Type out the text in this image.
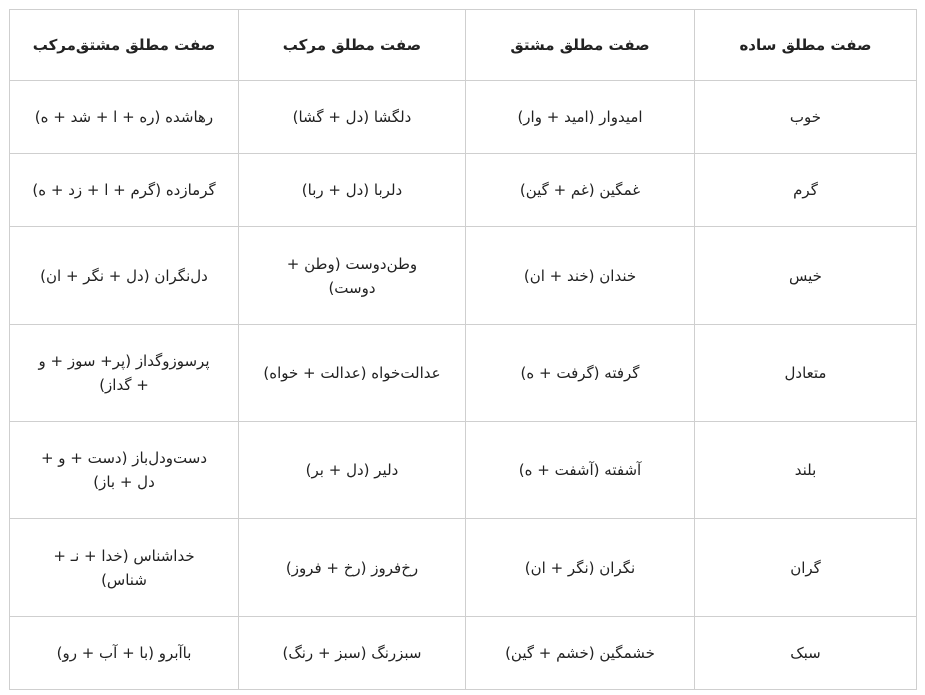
صفت مطلق ساده	صفت مطلق مشتق	صفت مطلق مرکب	صفت مطلق مشتق‌مرکب
خوب	امیدوار (امید + وار)	دلگشا (دل + گشا)	رهاشده (ره + ا + شد + ه)
گرم	غمگین (غم + گین)	دلربا (دل + ربا)	گرمازده (گرم + ا + زد + ه)
خیس	خندان (خند + ان)	وطن‌دوست (وطن + دوست)	دل‌نگران (دل + نگر + ان)
متعادل	گرفته (گرفت + ه)	عدالت‌خواه (عدالت + خواه)	پرسوزوگداز (پر+ سوز + و + گداز)
بلند	آشفته (آشفت + ه)	دلیر (دل + بر)	دست‌ودل‌باز (دست + و + دل + باز)
گران	نگران (نگر + ان)	رخ‌فروز (رخ + فروز)	خداشناس (خدا + نـ + شناس)
سبک	خشمگین (خشم + گین)	سبزرنگ (سبز + رنگ)	باآبرو (با + آب + رو)
